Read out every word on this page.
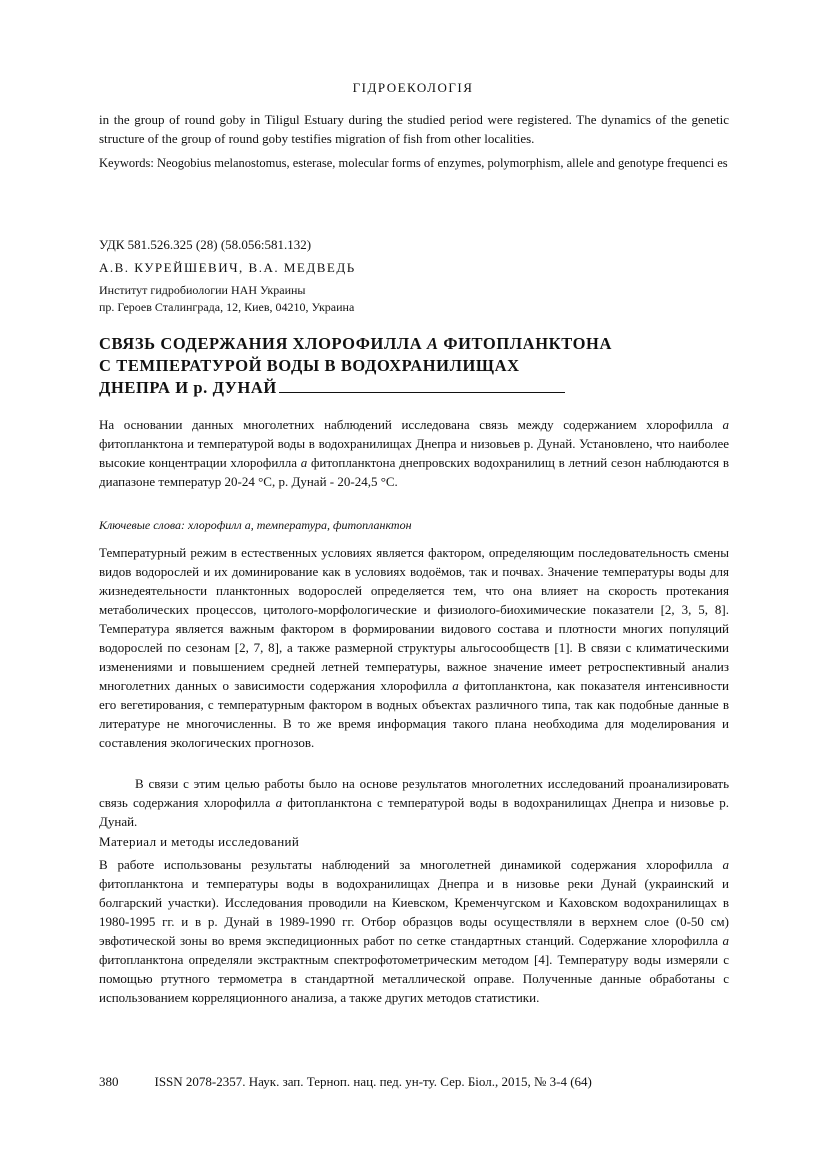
ГІДРОЕКОЛОГІЯ

in the group of round goby in Tiligul Estuary during the studied period were registered. The dynamics of the genetic structure of the group of round goby testifies migration of fish from other localities.

Keywords: Neogobius melanostomus, esterase, molecular forms of enzymes, polymorphism, allele and genotype frequenci es

УДК 581.526.325 (28) (58.056:581.132)
А.В. КУРЕЙШЕВИЧ, В.А. МЕДВЕДЬ

Институт гидробиологии НАН Украины

пр. Героев Сталинграда, 12, Киев, 04210, Украина

СВЯЗЬ СОДЕРЖАНИЯ ХЛОРОФИЛЛА А ФИТОПЛАНКТОНА
С ТЕМПЕРАТУРОЙ ВОДЫ В ВОДОХРАНИЛИЩАХ
ДНЕПРА И р. ДУНАЙ

На основании данных многолетних наблюдений исследована связь между содержанием хлорофилла а фитопланктона и температурой воды в водохранилищах Днепра и низовьев р. Дунай. Установлено, что наиболее высокие концентрации хлорофилла а фитопланктона днепровских водохранилищ в летний сезон наблюдаются в диапазоне температур 20-24 °С, р. Дунай - 20-24,5 °С.

Ключевые слова: хлорофилл а, температура, фитопланктон

Температурный режим в естественных условиях является фактором, определяющим последовательность смены видов водорослей и их доминирование как в условиях водоёмов, так и почвах. Значение температуры воды для жизнедеятельности планктонных водорослей определяется тем, что она влияет на скорость протекания метаболических процессов, цитолого-морфологические и физиолого-биохимические показатели [2, 3, 5, 8]. Температура является важным фактором в формировании видового состава и плотности многих популяций водорослей по сезонам [2, 7, 8], а также размерной структуры альгосообществ [1]. В связи с климатическими изменениями и повышением средней летней температуры, важное значение имеет ретроспективный анализ многолетних данных о зависимости содержания хлорофилла а фитопланктона, как показателя интенсивности его вегетирования, с температурным фактором в водных объектах различного типа, так как подобные данные в литературе не многочисленны. В то же время информация такого плана необходима для моделирования и составления экологических прогнозов.

В связи с этим целью работы было на основе результатов многолетних исследований проанализировать связь содержания хлорофилла а фитопланктона с температурой воды в водохранилищах Днепра и низовье р. Дунай.

Материал и методы исследований

В работе использованы результаты наблюдений за многолетней динамикой содержания хлорофилла а фитопланктона и температуры воды в водохранилищах Днепра и в низовье реки Дунай (украинский и болгарский участки). Исследования проводили на Киевском, Кременчугском и Каховском водохранилищах в 1980-1995 гг. и в р. Дунай в 1989-1990 гг. Отбор образцов воды осуществляли в верхнем слое (0-50 см) эвфотической зоны во время экспедиционных работ по сетке стандартных станций. Содержание хлорофилла а фитопланктона определяли экстрактным спектрофотометрическим методом [4]. Температуру воды измеряли с помощью ртутного термометра в стандартной металлической оправе. Полученные данные обработаны с использованием корреляционного анализа, а также других методов статистики.

380	ISSN 2078-2357. Наук. зап. Терноп. нац. пед. ун-ту. Сер. Біол., 2015, № 3-4 (64)
